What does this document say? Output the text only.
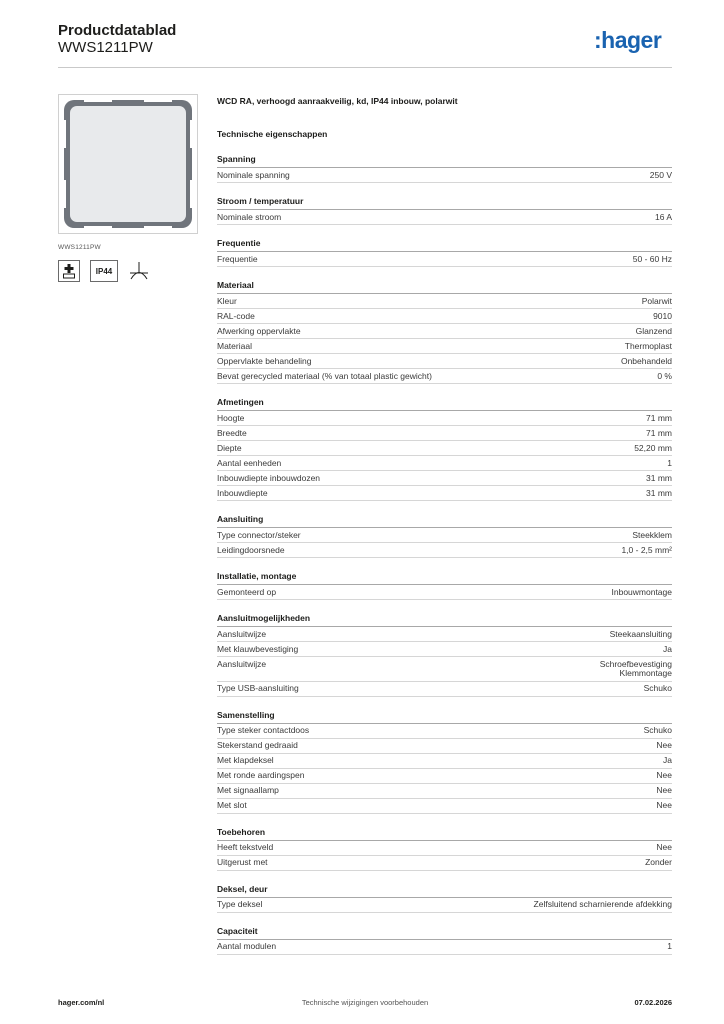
Productdatablad
WWS1211PW	:hager
WWS1211PW
IP44
WCD RA, verhoogd aanraakveilig, kd, IP44 inbouw, polarwit
Technische eigenschappen
Spanning
Nominale spanning	250 V
Stroom / temperatuur
Nominale stroom	16 A
Frequentie
Frequentie	50 - 60 Hz
Materiaal
Kleur	Polarwit
RAL-code	9010
Afwerking oppervlakte	Glanzend
Materiaal	Thermoplast
Oppervlakte behandeling	Onbehandeld
Bevat gerecycled materiaal (% van totaal plastic gewicht)	0 %
Afmetingen
Hoogte	71 mm
Breedte	71 mm
Diepte	52,20 mm
Aantal eenheden	1
Inbouwdiepte inbouwdozen	31 mm
Inbouwdiepte	31 mm
Aansluiting
Type connector/steker	Steekklem
Leidingdoorsnede	1,0 - 2,5 mm²
Installatie, montage
Gemonteerd op	Inbouwmontage
Aansluitmogelijkheden
Aansluitwijze	Steekaansluiting
Met klauwbevestiging	Ja
Aansluitwijze	Schroefbevestiging
Klemmontage
Type USB-aansluiting	Schuko
Samenstelling
Type steker contactdoos	Schuko
Stekerstand gedraaid	Nee
Met klapdeksel	Ja
Met ronde aardingspen	Nee
Met signaallamp	Nee
Met slot	Nee
Toebehoren
Heeft tekstveld	Nee
Uitgerust met	Zonder
Deksel, deur
Type deksel	Zelfsluitend scharnierende afdekking
Capaciteit
Aantal modulen	1
hager.com/nl	Technische wijzigingen voorbehouden	07.02.2026
